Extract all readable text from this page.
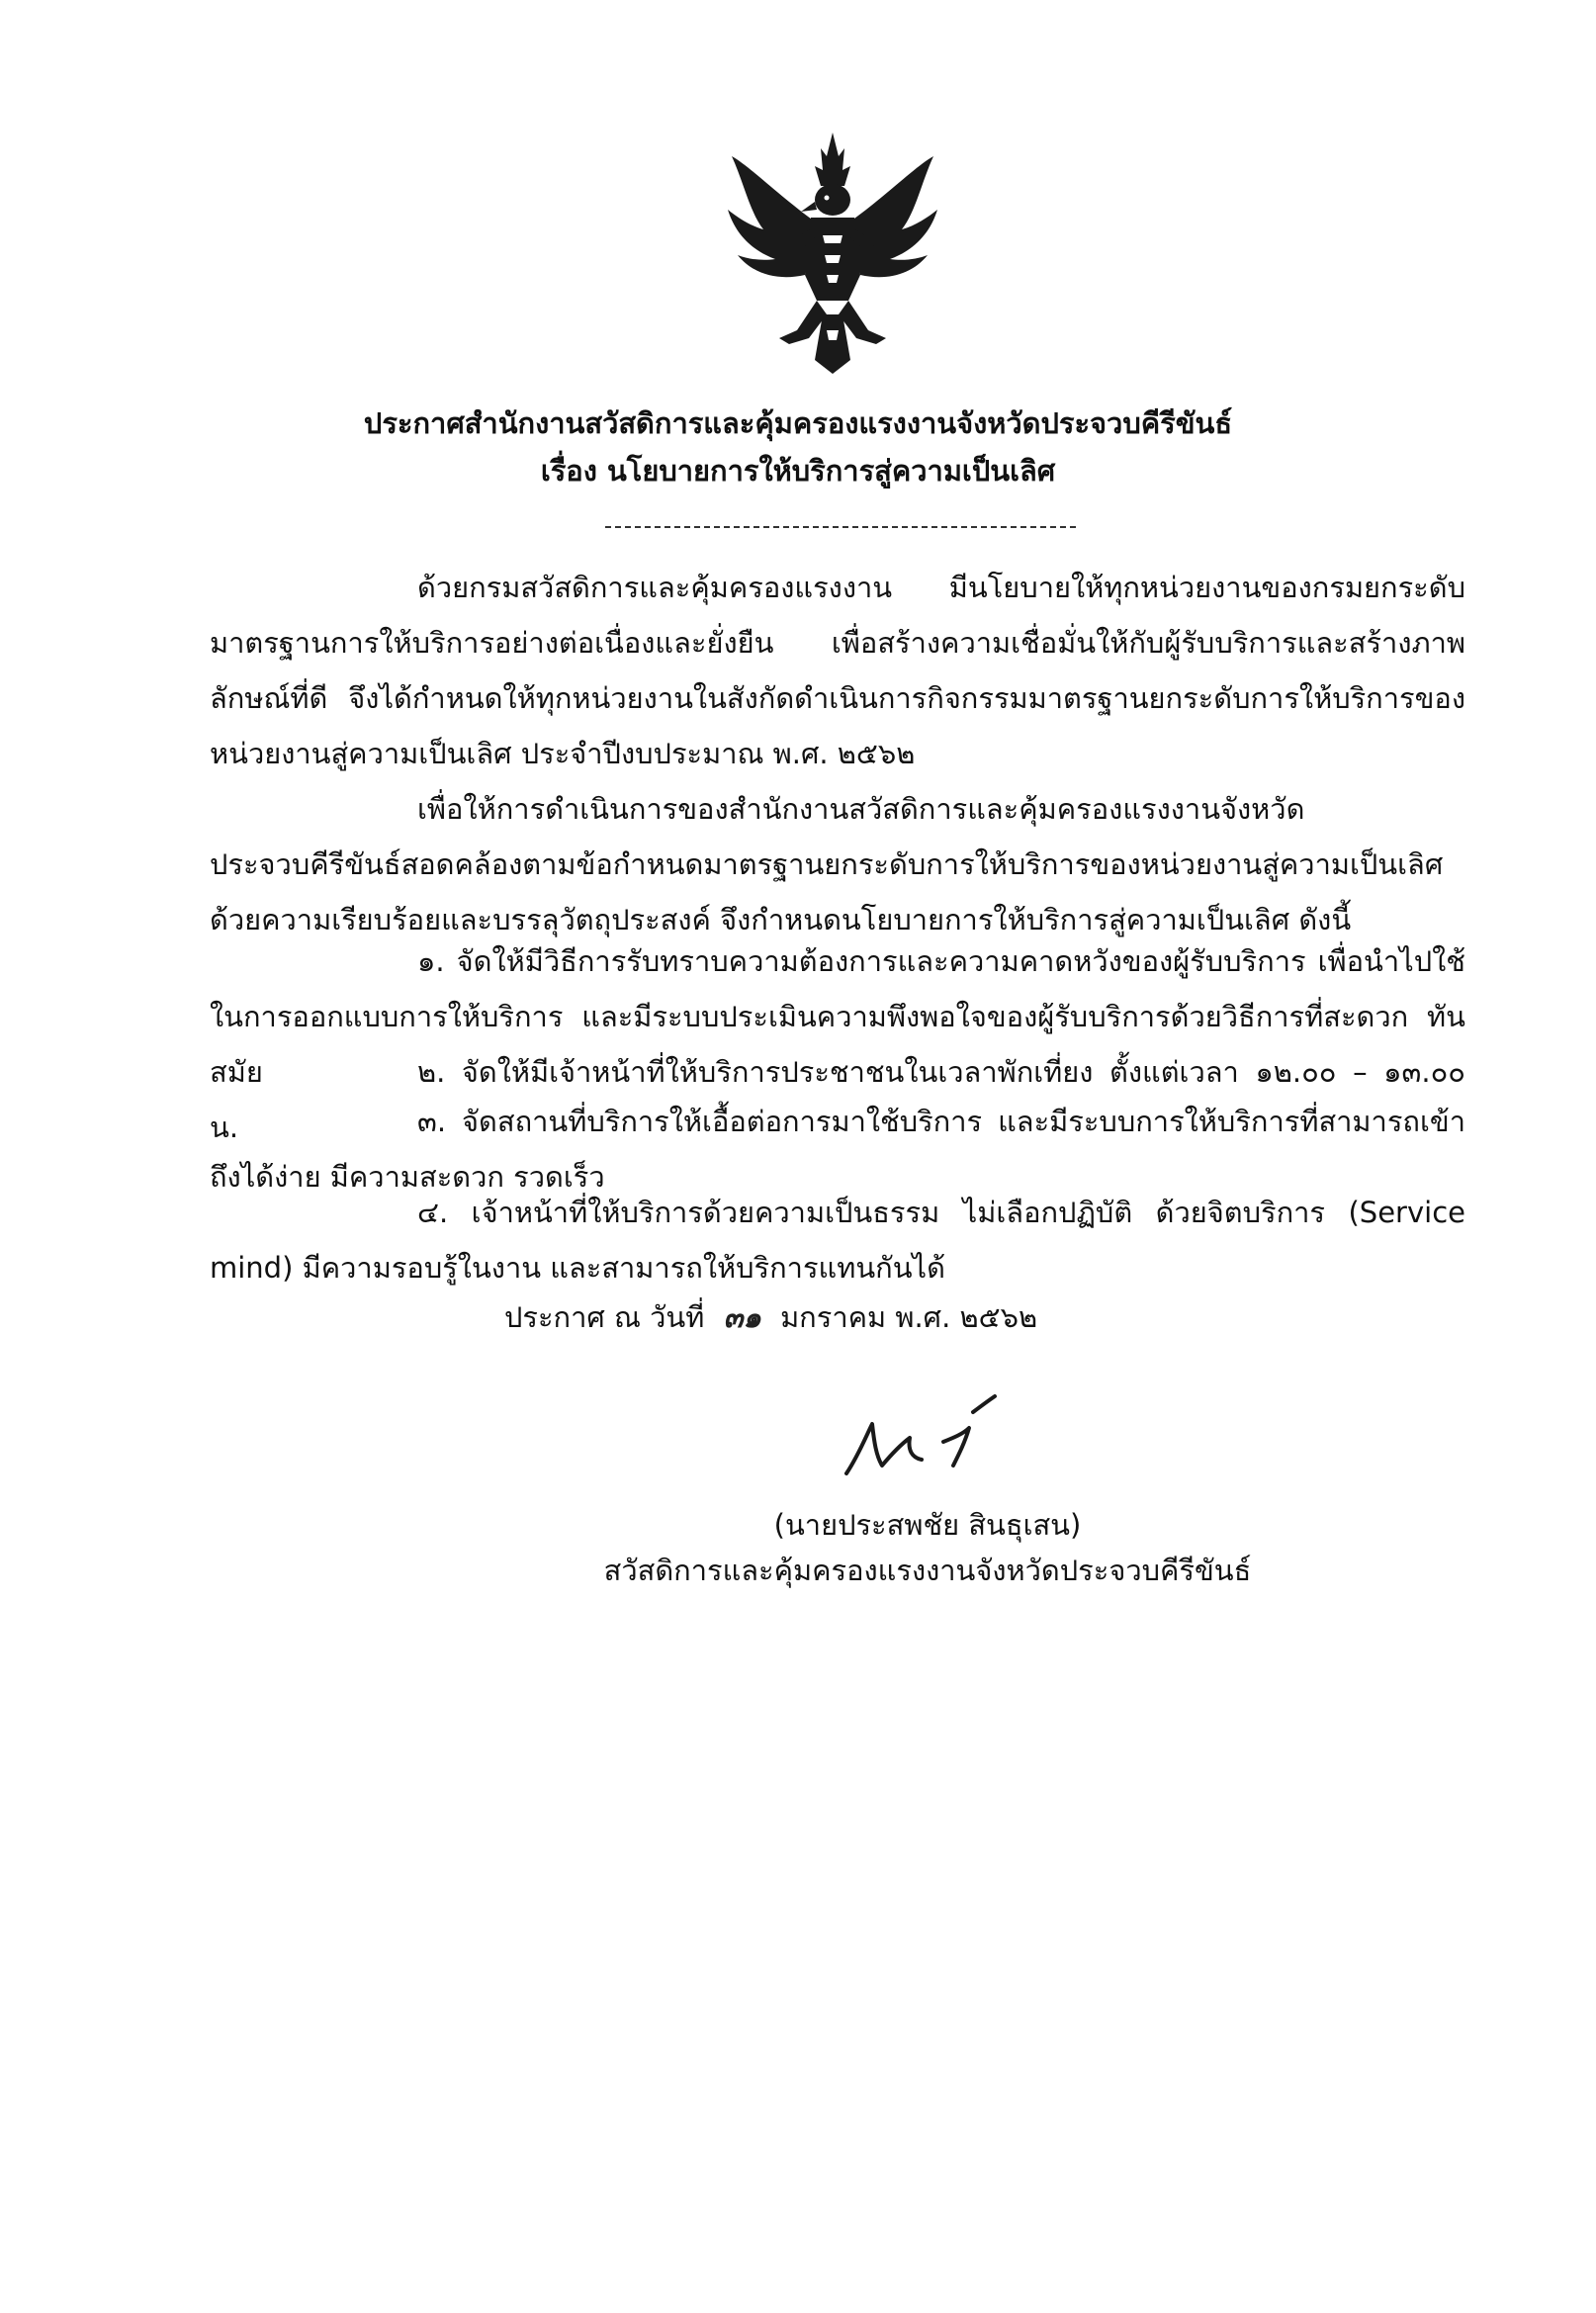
ประกาศสำนักงานสวัสดิการและคุ้มครองแรงงานจังหวัดประจวบคีรีขันธ์
เรื่อง นโยบายการให้บริการสู่ความเป็นเลิศ
ด้วยกรมสวัสดิการและคุ้มครองแรงงาน มีนโยบายให้ทุกหน่วยงานของกรมยกระดับมาตรฐานการให้บริการอย่างต่อเนื่องและยั่งยืน เพื่อสร้างความเชื่อมั่นให้กับผู้รับบริการและสร้างภาพลักษณ์ที่ดี จึงได้กำหนดให้ทุกหน่วยงานในสังกัดดำเนินการกิจกรรมมาตรฐานยกระดับการให้บริการของหน่วยงานสู่ความเป็นเลิศ ประจำปีงบประมาณ พ.ศ. ๒๕๖๒
เพื่อให้การดำเนินการของสำนักงานสวัสดิการและคุ้มครองแรงงานจังหวัดประจวบคีรีขันธ์สอดคล้องตามข้อกำหนดมาตรฐานยกระดับการให้บริการของหน่วยงานสู่ความเป็นเลิศ ด้วยความเรียบร้อยและบรรลุวัตถุประสงค์ จึงกำหนดนโยบายการให้บริการสู่ความเป็นเลิศ ดังนี้
๑. จัดให้มีวิธีการรับทราบความต้องการและความคาดหวังของผู้รับบริการ เพื่อนำไปใช้ในการออกแบบการให้บริการ และมีระบบประเมินความพึงพอใจของผู้รับบริการด้วยวิธีการที่สะดวก ทันสมัย	๒. จัดให้มีเจ้าหน้าที่ให้บริการประชาชนในเวลาพักเที่ยง ตั้งแต่เวลา ๑๒.๐๐ – ๑๓.๐๐ น.	๓. จัดสถานที่บริการให้เอื้อต่อการมาใช้บริการ และมีระบบการให้บริการที่สามารถเข้าถึงได้ง่าย มีความสะดวก รวดเร็ว
๔. เจ้าหน้าที่ให้บริการด้วยความเป็นธรรม ไม่เลือกปฏิบัติ ด้วยจิตบริการ (Service mind) มีความรอบรู้ในงาน และสามารถให้บริการแทนกันได้
ประกาศ ณ วันที่ ๓๑ มกราคม พ.ศ. ๒๕๖๒
(นายประสพชัย สินธุเสน)
สวัสดิการและคุ้มครองแรงงานจังหวัดประจวบคีรีขันธ์
